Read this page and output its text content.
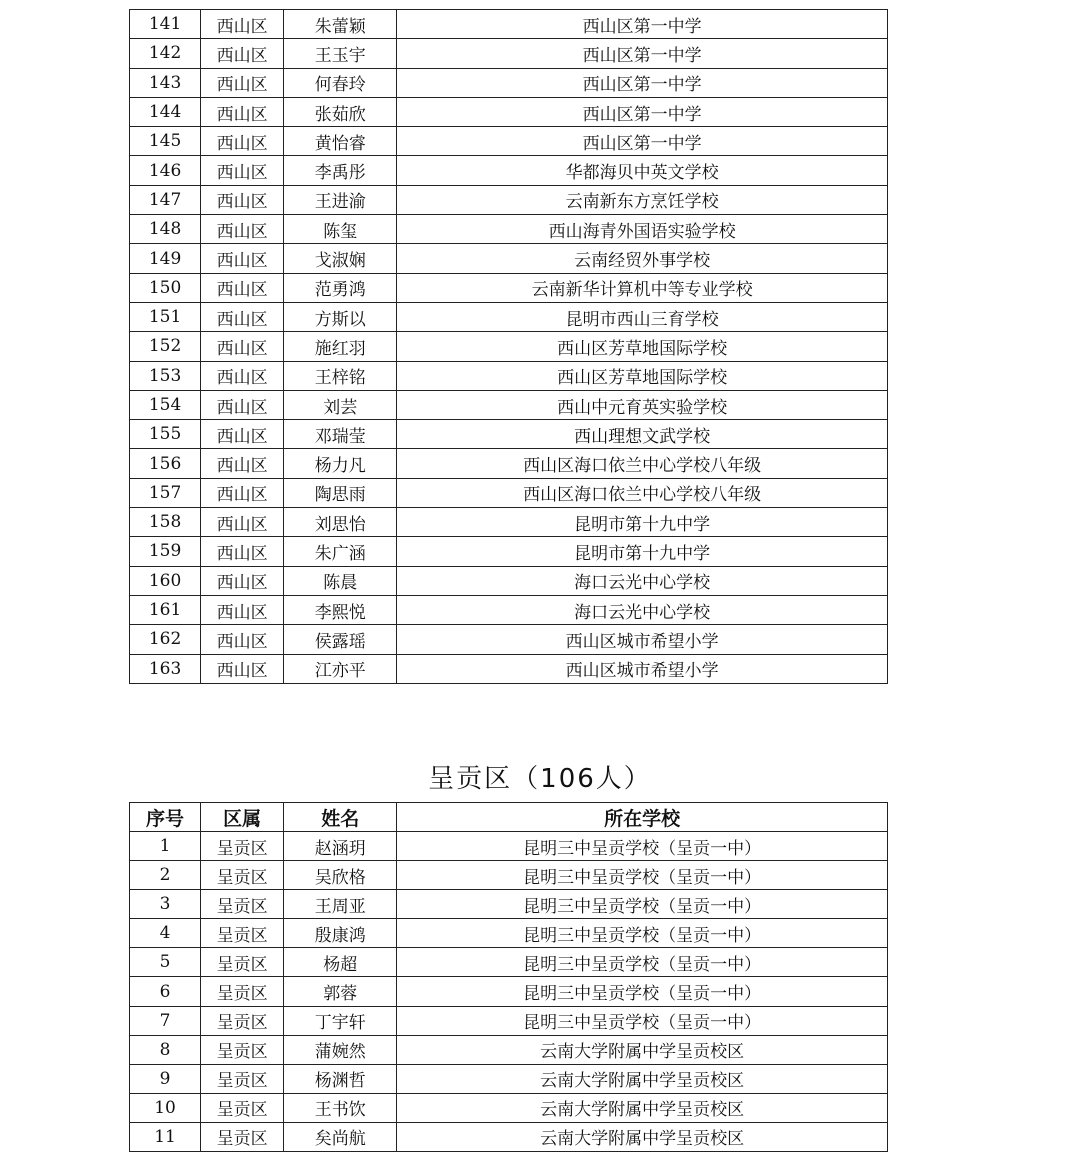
141	西山区	朱蕾颖	西山区第一中学
142	西山区	王玉宇	西山区第一中学
143	西山区	何春玲	西山区第一中学
144	西山区	张茹欣	西山区第一中学
145	西山区	黄怡睿	西山区第一中学
146	西山区	李禹彤	华都海贝中英文学校
147	西山区	王进渝	云南新东方烹饪学校
148	西山区	陈玺	西山海青外国语实验学校
149	西山区	戈淑娴	云南经贸外事学校
150	西山区	范勇鸿	云南新华计算机中等专业学校
151	西山区	方斯以	昆明市西山三育学校
152	西山区	施红羽	西山区芳草地国际学校
153	西山区	王梓铭	西山区芳草地国际学校
154	西山区	刘芸	西山中元育英实验学校
155	西山区	邓瑞莹	西山理想文武学校
156	西山区	杨力凡	西山区海口依兰中心学校八年级
157	西山区	陶思雨	西山区海口依兰中心学校八年级
158	西山区	刘思怡	昆明市第十九中学
159	西山区	朱广涵	昆明市第十九中学
160	西山区	陈晨	海口云光中心学校
161	西山区	李熙悦	海口云光中心学校
162	西山区	侯露瑶	西山区城市希望小学
163	西山区	江亦平	西山区城市希望小学
呈贡区（106人）
序号	区属	姓名	所在学校
1	呈贡区	赵涵玥	昆明三中呈贡学校（呈贡一中）
2	呈贡区	吴欣格	昆明三中呈贡学校（呈贡一中）
3	呈贡区	王周亚	昆明三中呈贡学校（呈贡一中）
4	呈贡区	殷康鸿	昆明三中呈贡学校（呈贡一中）
5	呈贡区	杨超	昆明三中呈贡学校（呈贡一中）
6	呈贡区	郭蓉	昆明三中呈贡学校（呈贡一中）
7	呈贡区	丁宇轩	昆明三中呈贡学校（呈贡一中）
8	呈贡区	蒲婉然	云南大学附属中学呈贡校区
9	呈贡区	杨渊哲	云南大学附属中学呈贡校区
10	呈贡区	王书饮	云南大学附属中学呈贡校区
11	呈贡区	矣尚航	云南大学附属中学呈贡校区
